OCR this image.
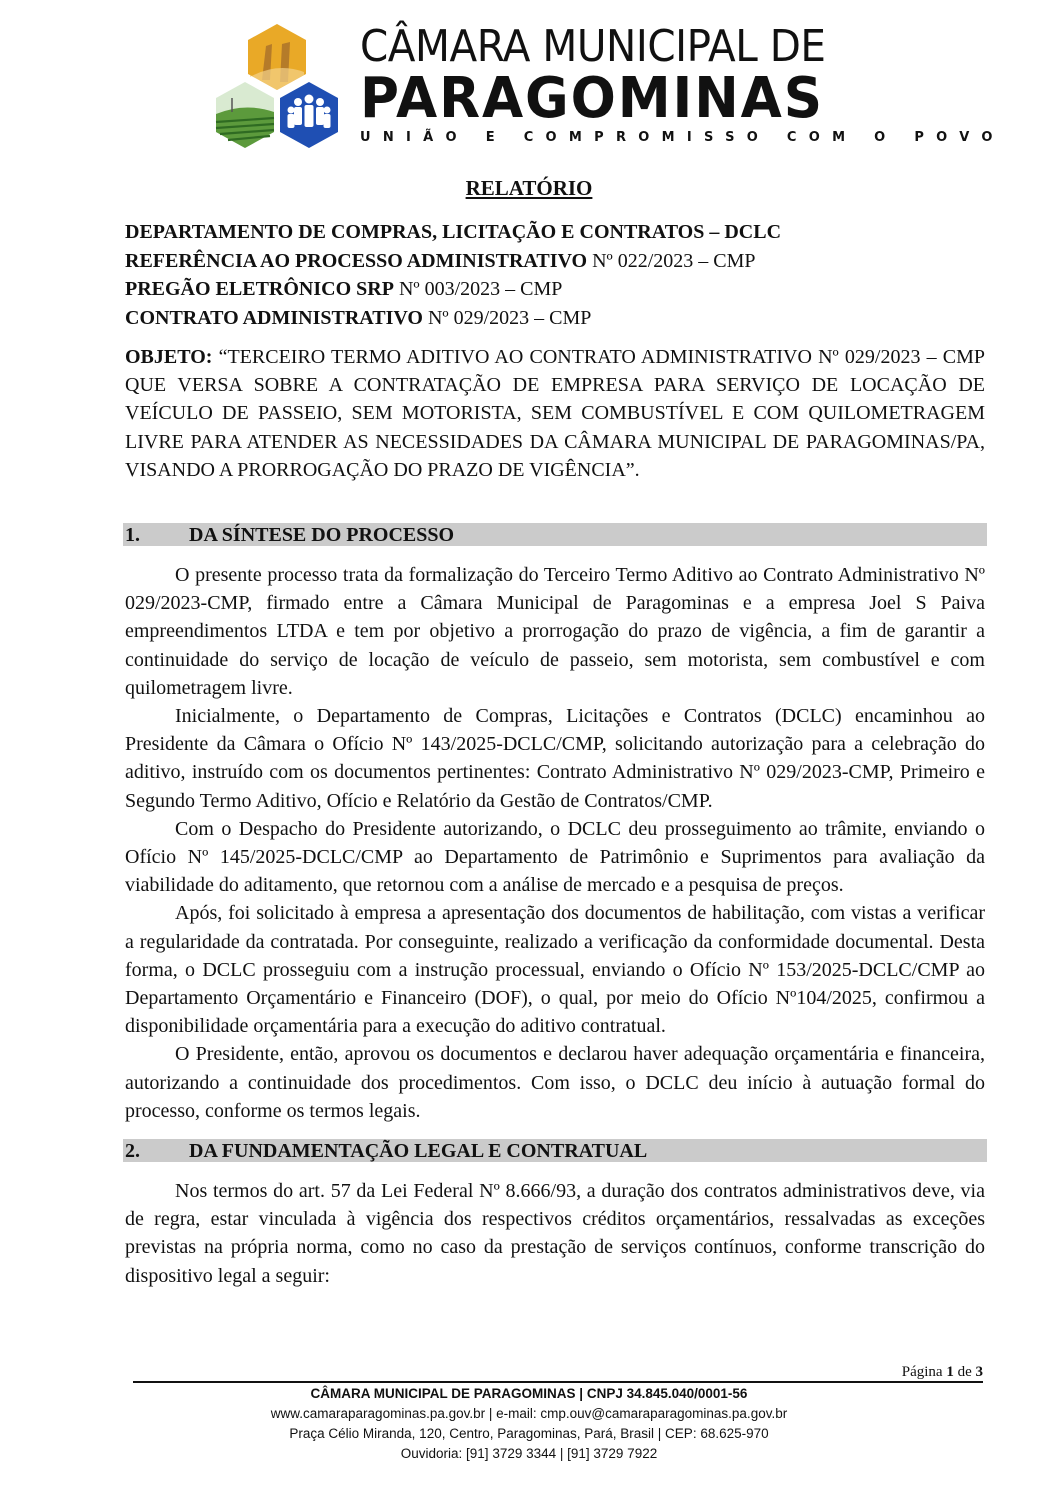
CÂMARA MUNICIPAL DE
PARAGOMINAS
UNIÃO E COMPROMISSO COM O POVO
RELATÓRIO
DEPARTAMENTO DE COMPRAS, LICITAÇÃO E CONTRATOS – DCLC
REFERÊNCIA AO PROCESSO ADMINISTRATIVO Nº 022/2023 – CMP
PREGÃO ELETRÔNICO SRP Nº 003/2023 – CMP
CONTRATO ADMINISTRATIVO Nº 029/2023 – CMP
OBJETO: “TERCEIRO TERMO ADITIVO AO CONTRATO ADMINISTRATIVO Nº 029/2023 – CMP QUE VERSA SOBRE A CONTRATAÇÃO DE EMPRESA PARA SERVIÇO DE LOCAÇÃO DE VEÍCULO DE PASSEIO, SEM MOTORISTA, SEM COMBUSTÍVEL E COM QUILOMETRAGEM LIVRE PARA ATENDER AS NECESSIDADES DA CÂMARA MUNICIPAL DE PARAGOMINAS/PA, VISANDO A PRORROGAÇÃO DO PRAZO DE VIGÊNCIA”.
1. DA SÍNTESE DO PROCESSO

O presente processo trata da formalização do Terceiro Termo Aditivo ao Contrato Administrativo Nº 029/2023-CMP, firmado entre a Câmara Municipal de Paragominas e a empresa Joel S Paiva empreendimentos LTDA e tem por objetivo a prorrogação do prazo de vigência, a fim de garantir a continuidade do serviço de locação de veículo de passeio, sem motorista, sem combustível e com quilometragem livre.

Inicialmente, o Departamento de Compras, Licitações e Contratos (DCLC) encaminhou ao Presidente da Câmara o Ofício Nº 143/2025-DCLC/CMP, solicitando autorização para a celebração do aditivo, instruído com os documentos pertinentes: Contrato Administrativo Nº 029/2023-CMP, Primeiro e Segundo Termo Aditivo, Ofício e Relatório da Gestão de Contratos/CMP.

Com o Despacho do Presidente autorizando, o DCLC deu prosseguimento ao trâmite, enviando o Ofício Nº 145/2025-DCLC/CMP ao Departamento de Patrimônio e Suprimentos para avaliação da viabilidade do aditamento, que retornou com a análise de mercado e a pesquisa de preços.

Após, foi solicitado à empresa a apresentação dos documentos de habilitação, com vistas a verificar a regularidade da contratada. Por conseguinte, realizado a verificação da conformidade documental. Desta forma, o DCLC prosseguiu com a instrução processual, enviando o Ofício Nº 153/2025-DCLC/CMP ao Departamento Orçamentário e Financeiro (DOF), o qual, por meio do Ofício Nº104/2025, confirmou a disponibilidade orçamentária para a execução do aditivo contratual.

O Presidente, então, aprovou os documentos e declarou haver adequação orçamentária e financeira, autorizando a continuidade dos procedimentos. Com isso, o DCLC deu início à autuação formal do processo, conforme os termos legais.

2. DA FUNDAMENTAÇÃO LEGAL E CONTRATUAL

Nos termos do art. 57 da Lei Federal Nº 8.666/93, a duração dos contratos administrativos deve, via de regra, estar vinculada à vigência dos respectivos créditos orçamentários, ressalvadas as exceções previstas na própria norma, como no caso da prestação de serviços contínuos, conforme transcrição do dispositivo legal a seguir:

Página 1 de 3
CÂMARA MUNICIPAL DE PARAGOMINAS | CNPJ 34.845.040/0001-56
www.camaraparagominas.pa.gov.br | e-mail: cmp.ouv@camaraparagominas.pa.gov.br
Praça Célio Miranda, 120, Centro, Paragominas, Pará, Brasil | CEP: 68.625-970
Ouvidoria: [91] 3729 3344 | [91] 3729 7922
